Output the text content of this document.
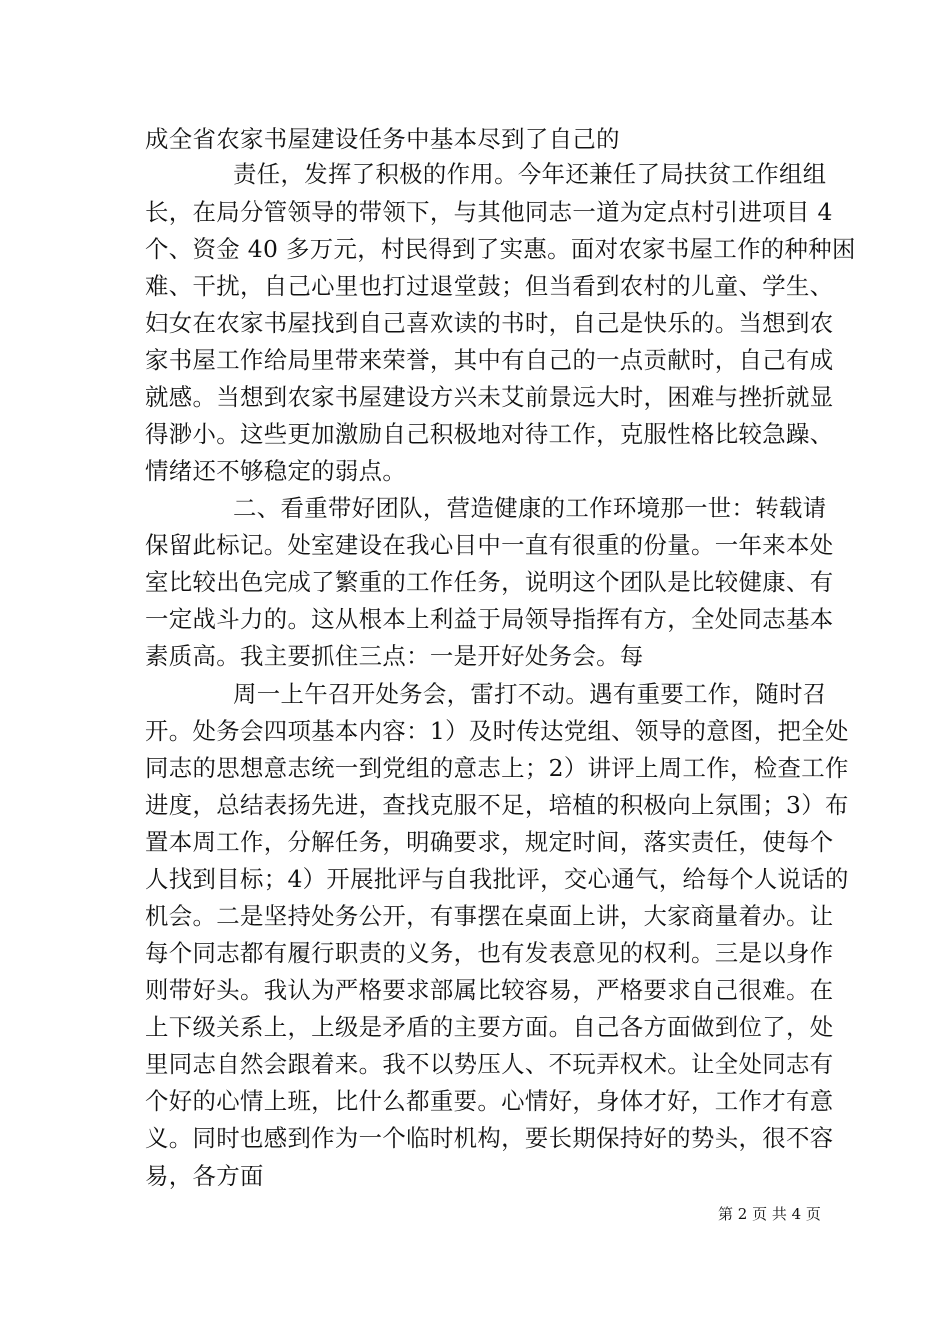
成全省农家书屋建设任务中基本尽到了自己的
责任，发挥了积极的作用。今年还兼任了局扶贫工作组组
长，在局分管领导的带领下，与其他同志一道为定点村引进项目 4
个、资金 40 多万元，村民得到了实惠。面对农家书屋工作的种种困
难、干扰，自己心里也打过退堂鼓；但当看到农村的儿童、学生、
妇女在农家书屋找到自己喜欢读的书时，自己是快乐的。当想到农
家书屋工作给局里带来荣誉，其中有自己的一点贡献时，自己有成
就感。当想到农家书屋建设方兴未艾前景远大时，困难与挫折就显
得渺小。这些更加激励自己积极地对待工作，克服性格比较急躁、
情绪还不够稳定的弱点。
二、看重带好团队，营造健康的工作环境那一世：转载请
保留此标记。处室建设在我心目中一直有很重的份量。一年来本处
室比较出色完成了繁重的工作任务，说明这个团队是比较健康、有
一定战斗力的。这从根本上利益于局领导指挥有方，全处同志基本
素质高。我主要抓住三点：一是开好处务会。每
周一上午召开处务会，雷打不动。遇有重要工作，随时召
开。处务会四项基本内容：1）及时传达党组、领导的意图，把全处
同志的思想意志统一到党组的意志上；2）讲评上周工作，检查工作
进度，总结表扬先进，查找克服不足，培植的积极向上氛围；3）布
置本周工作，分解任务，明确要求，规定时间，落实责任，使每个
人找到目标；4）开展批评与自我批评，交心通气，给每个人说话的
机会。二是坚持处务公开，有事摆在桌面上讲，大家商量着办。让
每个同志都有履行职责的义务，也有发表意见的权利。三是以身作
则带好头。我认为严格要求部属比较容易，严格要求自己很难。在
上下级关系上，上级是矛盾的主要方面。自己各方面做到位了，处
里同志自然会跟着来。我不以势压人、不玩弄权术。让全处同志有
个好的心情上班，比什么都重要。心情好，身体才好，工作才有意
义。同时也感到作为一个临时机构，要长期保持好的势头，很不容
易，各方面
第 2 页 共 4 页
